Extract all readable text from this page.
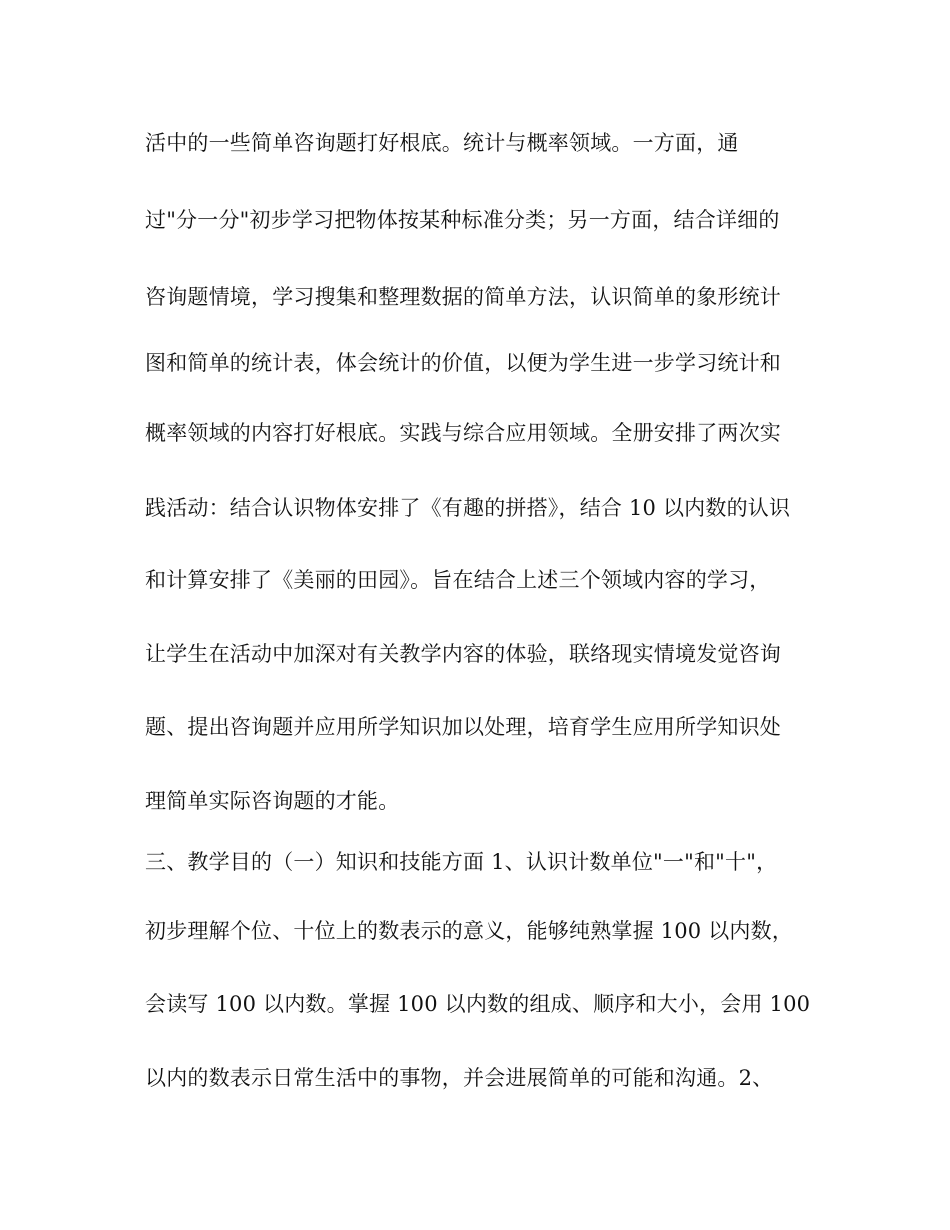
活中的一些简单咨询题打好根底。统计与概率领域。一方面，通
过"分一分"初步学习把物体按某种标准分类；另一方面，结合详细的
咨询题情境，学习搜集和整理数据的简单方法，认识简单的象形统计
图和简单的统计表，体会统计的价值，以便为学生进一步学习统计和
概率领域的内容打好根底。实践与综合应用领域。全册安排了两次实
践活动：结合认识物体安排了《有趣的拼搭》，结合 10 以内数的认识
和计算安排了《美丽的田园》。旨在结合上述三个领域内容的学习，
让学生在活动中加深对有关教学内容的体验，联络现实情境发觉咨询
题、提出咨询题并应用所学知识加以处理，培育学生应用所学知识处
理简单实际咨询题的才能。
三、教学目的（一）知识和技能方面 1、认识计数单位"一"和"十"，
初步理解个位、十位上的数表示的意义，能够纯熟掌握 100 以内数，
会读写 100 以内数。掌握 100 以内数的组成、顺序和大小，会用 100
以内的数表示日常生活中的事物，并会进展简单的可能和沟通。2、
